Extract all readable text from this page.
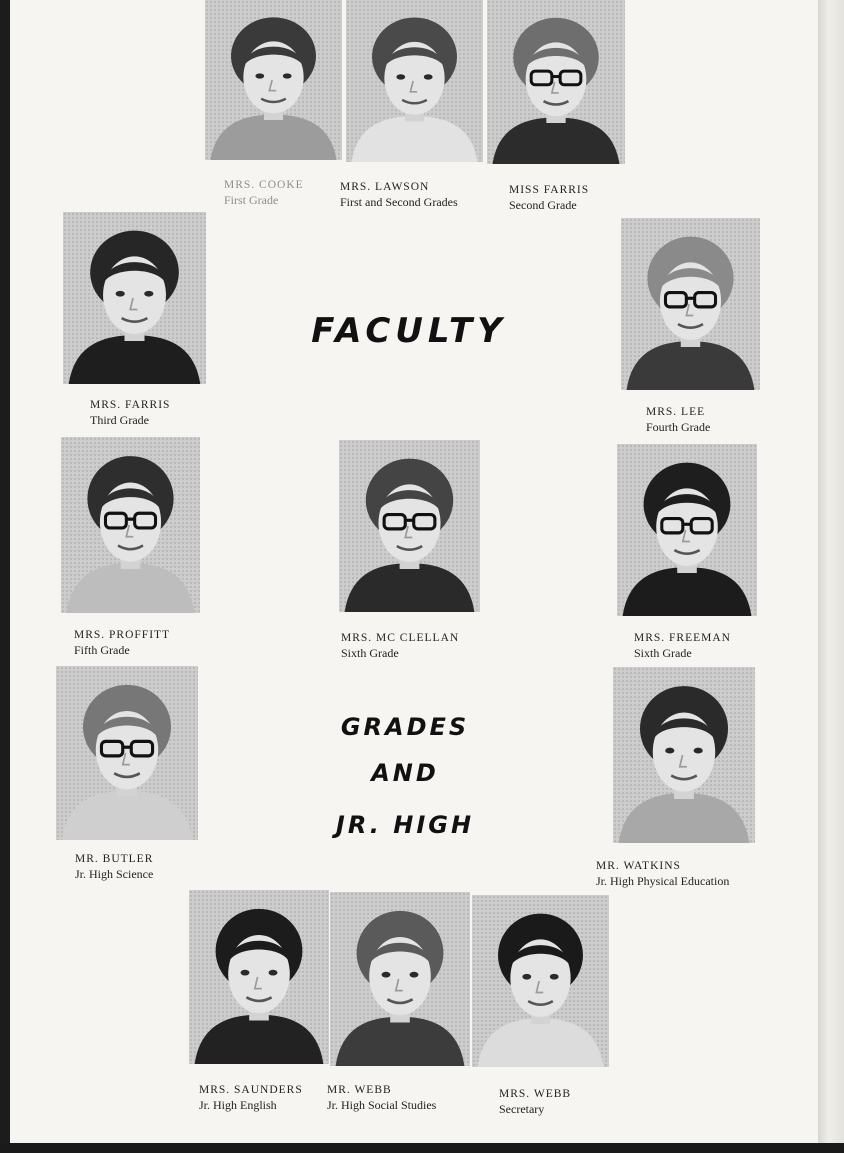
FACULTY
GRADES
AND
JR. HIGH
MRS. COOKE
First Grade
MRS. LAWSON
First and Second Grades
MISS FARRIS
Second Grade
MRS. FARRIS
Third Grade
MRS. LEE
Fourth Grade
MRS. PROFFITT
Fifth Grade
MRS. MC CLELLAN
Sixth Grade
MRS. FREEMAN
Sixth Grade
MR. BUTLER
Jr. High Science
MR. WATKINS
Jr. High Physical Education
MRS. SAUNDERS
Jr. High English
MR. WEBB
Jr. High Social Studies
MRS. WEBB
Secretary
